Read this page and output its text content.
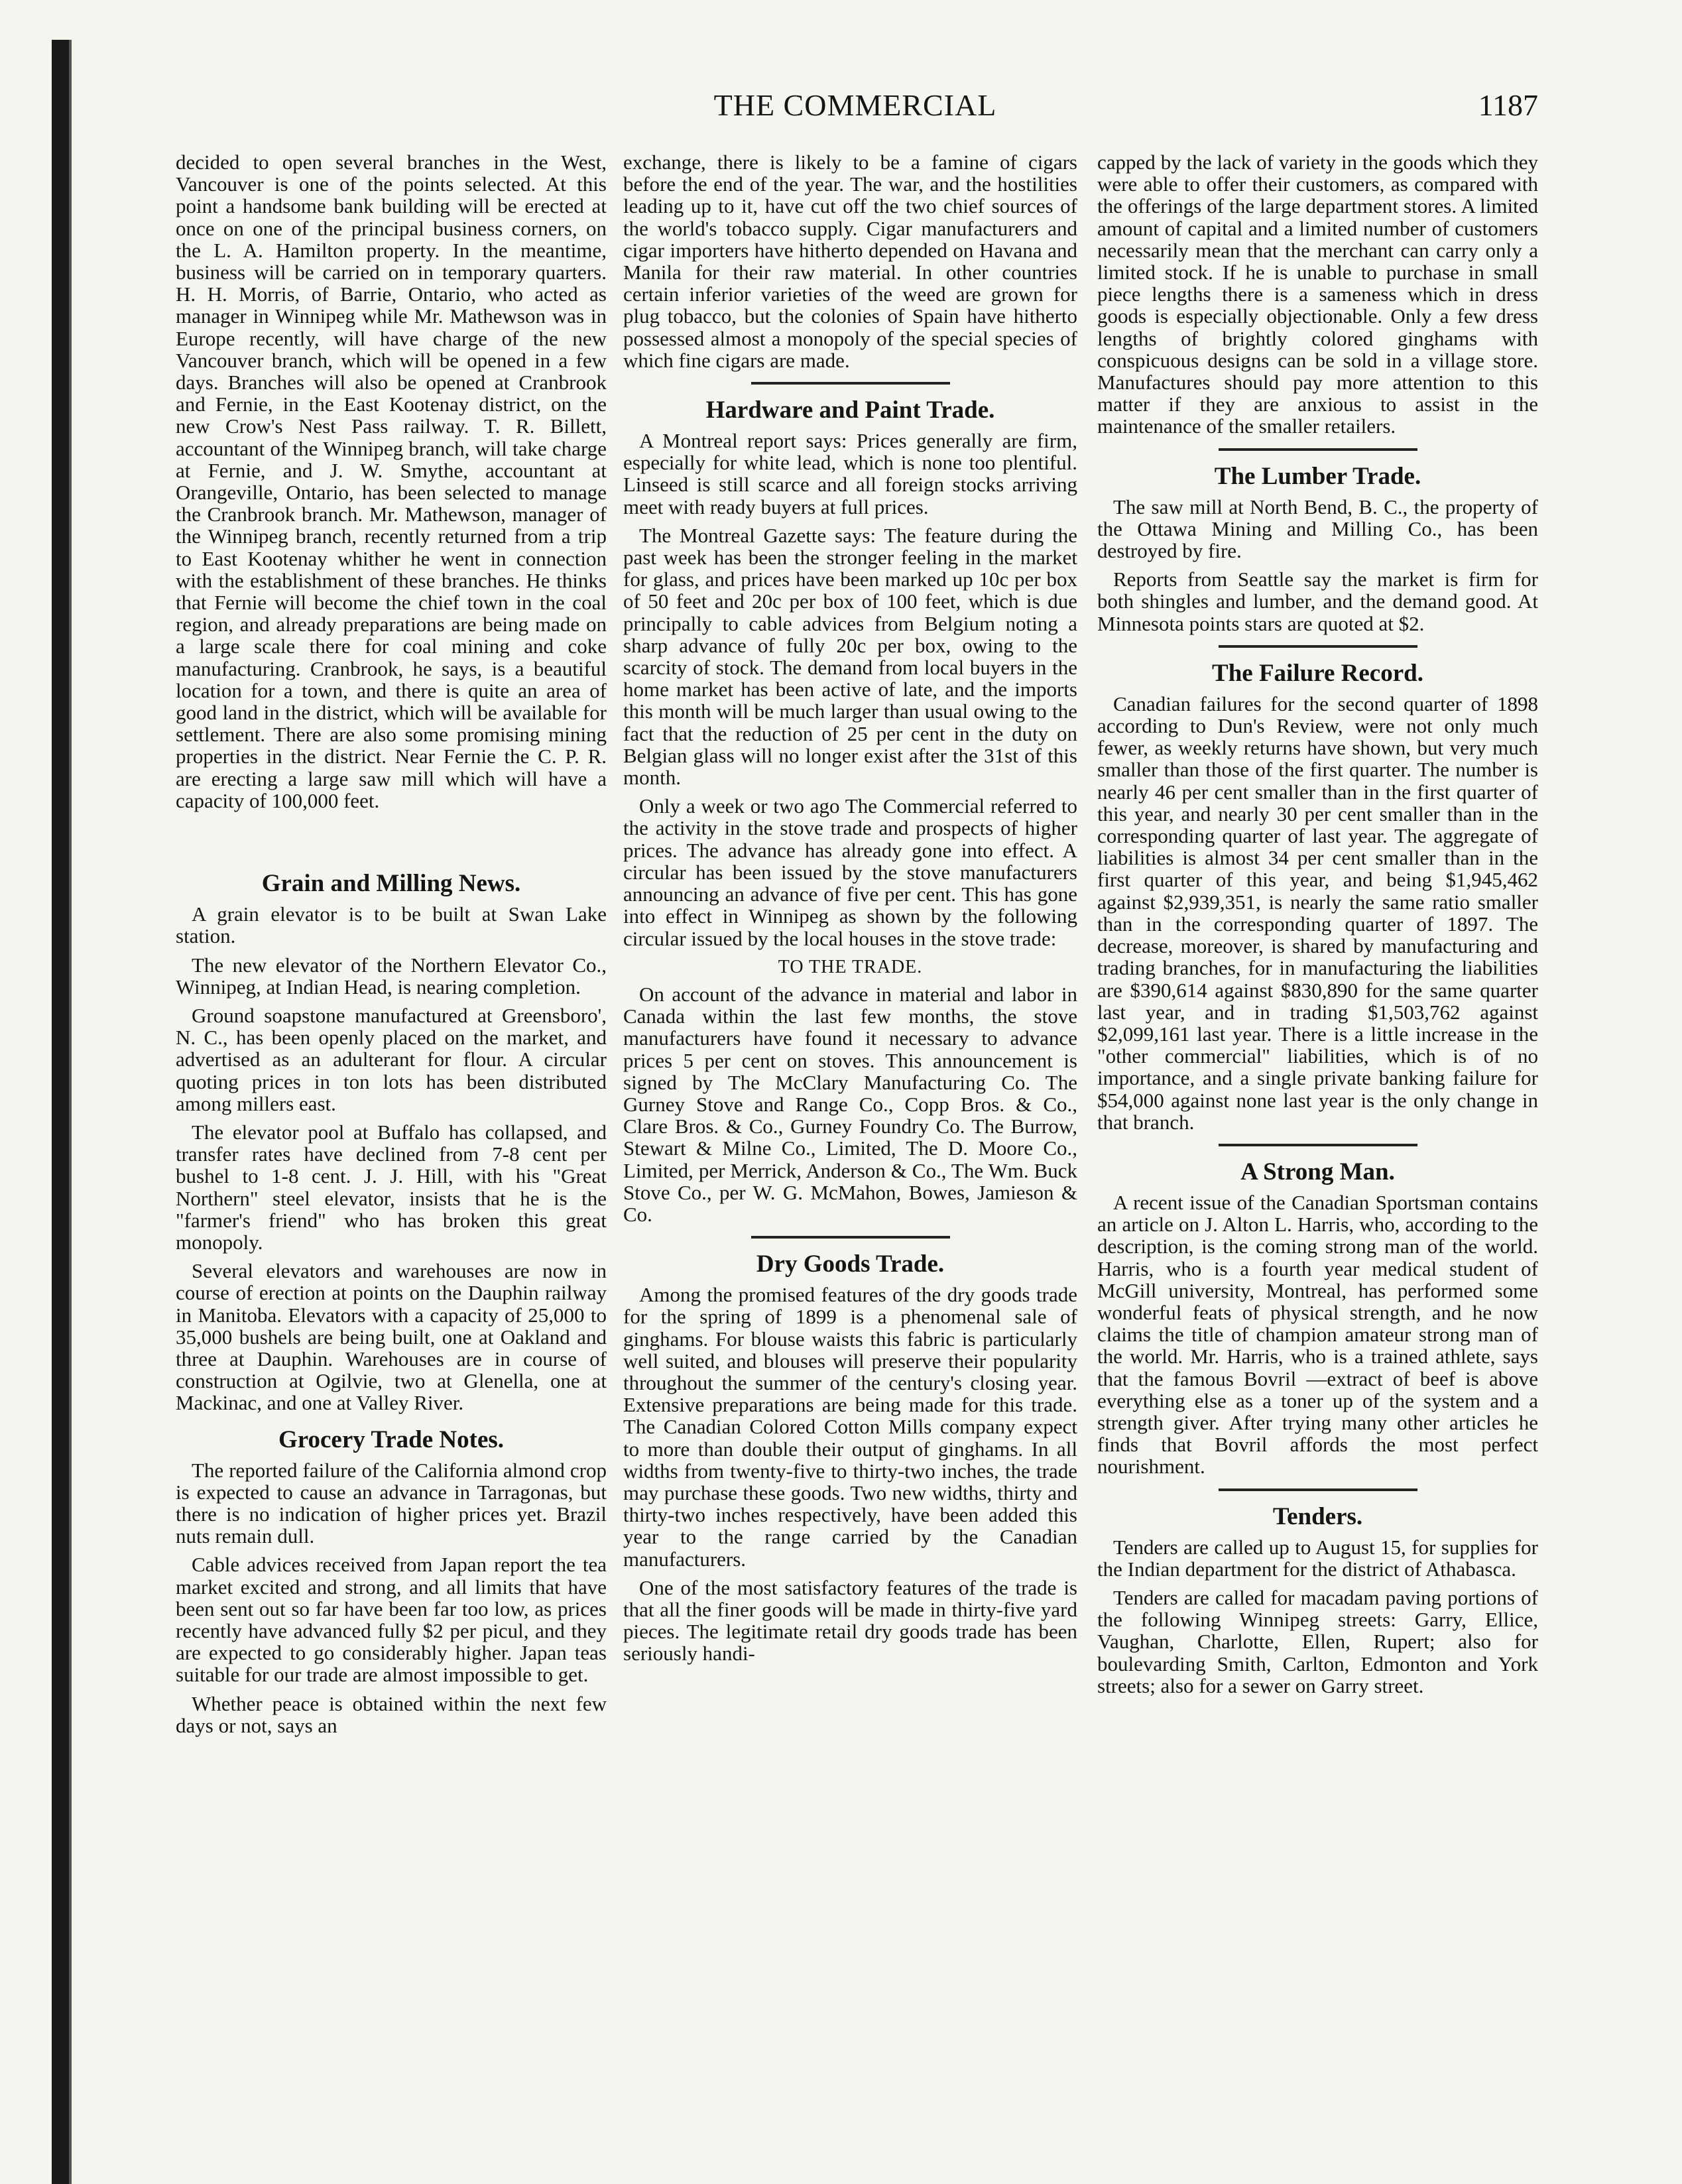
THE COMMERCIAL	1187

decided to open several branches in the West, Vancouver is one of the points selected. At this point a handsome bank building will be erected at once on one of the principal business corners, on the L. A. Hamilton property. In the meantime, business will be carried on in temporary quarters. H. H. Morris, of Barrie, Ontario, who acted as manager in Winnipeg while Mr. Mathewson was in Europe recently, will have charge of the new Vancouver branch, which will be opened in a few days. Branches will also be opened at Cranbrook and Fernie, in the East Kootenay district, on the new Crow's Nest Pass railway. T. R. Billett, accountant of the Winnipeg branch, will take charge at Fernie, and J. W. Smythe, accountant at Orangeville, Ontario, has been selected to manage the Cranbrook branch. Mr. Mathewson, manager of the Winnipeg branch, recently returned from a trip to East Kootenay whither he went in connection with the establishment of these branches. He thinks that Fernie will become the chief town in the coal region, and already preparations are being made on a large scale there for coal mining and coke manufacturing. Cranbrook, he says, is a beautiful location for a town, and there is quite an area of good land in the district, which will be available for settlement. There are also some promising mining properties in the district. Near Fernie the C. P. R. are erecting a large saw mill which will have a capacity of 100,000 feet.

Grain and Milling News.

A grain elevator is to be built at Swan Lake station.

The new elevator of the Northern Elevator Co., Winnipeg, at Indian Head, is nearing completion.

Ground soapstone manufactured at Greensboro', N. C., has been openly placed on the market, and advertised as an adulterant for flour. A circular quoting prices in ton lots has been distributed among millers east.

The elevator pool at Buffalo has collapsed, and transfer rates have declined from 7-8 cent per bushel to 1-8 cent. J. J. Hill, with his "Great Northern" steel elevator, insists that he is the "farmer's friend" who has broken this great monopoly.

Several elevators and warehouses are now in course of erection at points on the Dauphin railway in Manitoba. Elevators with a capacity of 25,000 to 35,000 bushels are being built, one at Oakland and three at Dauphin. Warehouses are in course of construction at Ogilvie, two at Glenella, one at Mackinac, and one at Valley River.

Grocery Trade Notes.

The reported failure of the California almond crop is expected to cause an advance in Tarragonas, but there is no indication of higher prices yet. Brazil nuts remain dull.

Cable advices received from Japan report the tea market excited and strong, and all limits that have been sent out so far have been far too low, as prices recently have advanced fully $2 per picul, and they are expected to go considerably higher. Japan teas suitable for our trade are almost impossible to get.

Whether peace is obtained within the next few days or not, says an

exchange, there is likely to be a famine of cigars before the end of the year. The war, and the hostilities leading up to it, have cut off the two chief sources of the world's tobacco supply. Cigar manufacturers and cigar importers have hitherto depended on Havana and Manila for their raw material. In other countries certain inferior varieties of the weed are grown for plug tobacco, but the colonies of Spain have hitherto possessed almost a monopoly of the special species of which fine cigars are made.

Hardware and Paint Trade.

A Montreal report says: Prices generally are firm, especially for white lead, which is none too plentiful. Linseed is still scarce and all foreign stocks arriving meet with ready buyers at full prices.

The Montreal Gazette says: The feature during the past week has been the stronger feeling in the market for glass, and prices have been marked up 10c per box of 50 feet and 20c per box of 100 feet, which is due principally to cable advices from Belgium noting a sharp advance of fully 20c per box, owing to the scarcity of stock. The demand from local buyers in the home market has been active of late, and the imports this month will be much larger than usual owing to the fact that the reduction of 25 per cent in the duty on Belgian glass will no longer exist after the 31st of this month.

Only a week or two ago The Commercial referred to the activity in the stove trade and prospects of higher prices. The advance has already gone into effect. A circular has been issued by the stove manufacturers announcing an advance of five per cent. This has gone into effect in Winnipeg as shown by the following circular issued by the local houses in the stove trade:

TO THE TRADE.

On account of the advance in material and labor in Canada within the last few months, the stove manufacturers have found it necessary to advance prices 5 per cent on stoves. This announcement is signed by The McClary Manufacturing Co. The Gurney Stove and Range Co., Copp Bros. & Co., Clare Bros. & Co., Gurney Foundry Co. The Burrow, Stewart & Milne Co., Limited, The D. Moore Co., Limited, per Merrick, Anderson & Co., The Wm. Buck Stove Co., per W. G. McMahon, Bowes, Jamieson & Co.

Dry Goods Trade.

Among the promised features of the dry goods trade for the spring of 1899 is a phenomenal sale of ginghams. For blouse waists this fabric is particularly well suited, and blouses will preserve their popularity throughout the summer of the century's closing year. Extensive preparations are being made for this trade. The Canadian Colored Cotton Mills company expect to more than double their output of ginghams. In all widths from twenty-five to thirty-two inches, the trade may purchase these goods. Two new widths, thirty and thirty-two inches respectively, have been added this year to the range carried by the Canadian manufacturers.

One of the most satisfactory features of the trade is that all the finer goods will be made in thirty-five yard pieces. The legitimate retail dry goods trade has been seriously handi-

capped by the lack of variety in the goods which they were able to offer their customers, as compared with the offerings of the large department stores. A limited amount of capital and a limited number of customers necessarily mean that the merchant can carry only a limited stock. If he is unable to purchase in small piece lengths there is a sameness which in dress goods is especially objectionable. Only a few dress lengths of brightly colored ginghams with conspicuous designs can be sold in a village store. Manufactures should pay more attention to this matter if they are anxious to assist in the maintenance of the smaller retailers.

The Lumber Trade.

The saw mill at North Bend, B. C., the property of the Ottawa Mining and Milling Co., has been destroyed by fire.

Reports from Seattle say the market is firm for both shingles and lumber, and the demand good. At Minnesota points stars are quoted at $2.

The Failure Record.

Canadian failures for the second quarter of 1898 according to Dun's Review, were not only much fewer, as weekly returns have shown, but very much smaller than those of the first quarter. The number is nearly 46 per cent smaller than in the first quarter of this year, and nearly 30 per cent smaller than in the corresponding quarter of last year. The aggregate of liabilities is almost 34 per cent smaller than in the first quarter of this year, and being $1,945,462 against $2,939,351, is nearly the same ratio smaller than in the corresponding quarter of 1897. The decrease, moreover, is shared by manufacturing and trading branches, for in manufacturing the liabilities are $390,614 against $830,890 for the same quarter last year, and in trading $1,503,762 against $2,099,161 last year. There is a little increase in the "other commercial" liabilities, which is of no importance, and a single private banking failure for $54,000 against none last year is the only change in that branch.

A Strong Man.

A recent issue of the Canadian Sportsman contains an article on J. Alton L. Harris, who, according to the description, is the coming strong man of the world. Harris, who is a fourth year medical student of McGill university, Montreal, has performed some wonderful feats of physical strength, and he now claims the title of champion amateur strong man of the world. Mr. Harris, who is a trained athlete, says that the famous Bovril —extract of beef is above everything else as a toner up of the system and a strength giver. After trying many other articles he finds that Bovril affords the most perfect nourishment.

Tenders.

Tenders are called up to August 15, for supplies for the Indian department for the district of Athabasca.

Tenders are called for macadam paving portions of the following Winnipeg streets: Garry, Ellice, Vaughan, Charlotte, Ellen, Rupert; also for boulevarding Smith, Carlton, Edmonton and York streets; also for a sewer on Garry street.
